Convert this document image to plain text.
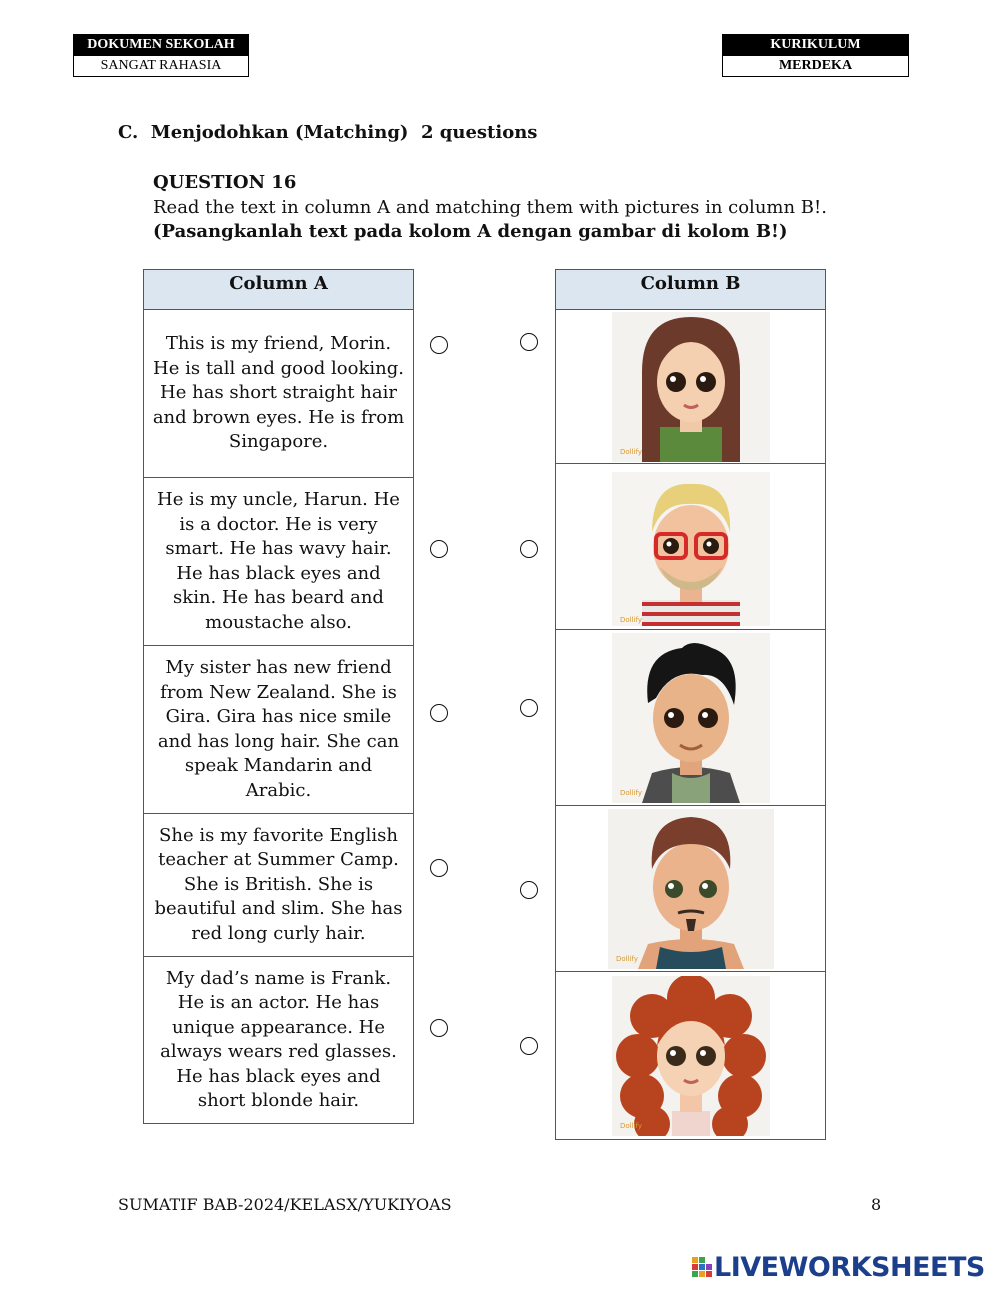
DOKUMEN SEKOLAH
SANGAT RAHASIA
KURIKULUM
MERDEKA
C.  Menjodohkan (Matching)  2 questions
QUESTION 16
Read the text in column A and matching them with pictures in column B!. (Pasangkanlah text pada kolom A dengan gambar di kolom B!)
Column A
This is my friend, Morin. He is tall and good looking. He has short straight hair and brown eyes. He is from Singapore.
He is my uncle, Harun. He is a doctor. He is very smart. He has wavy hair. He has black eyes and skin. He has beard and moustache also.
My sister has new friend from New Zealand. She is Gira. Gira has nice smile and has long hair. She can speak Mandarin and Arabic.
She is my favorite English teacher at Summer Camp. She is British. She is beautiful and slim. She has red long curly hair.
My dad’s name is Frank. He is an actor. He has unique appearance. He always wears red glasses. He has black eyes and short blonde hair.
Column B
Dollify
Dollify
Dollify
Dollify
Dollify
SUMATIF BAB-2024/KELASX/YUKIYOAS	8
LIVEWORKSHEETS
